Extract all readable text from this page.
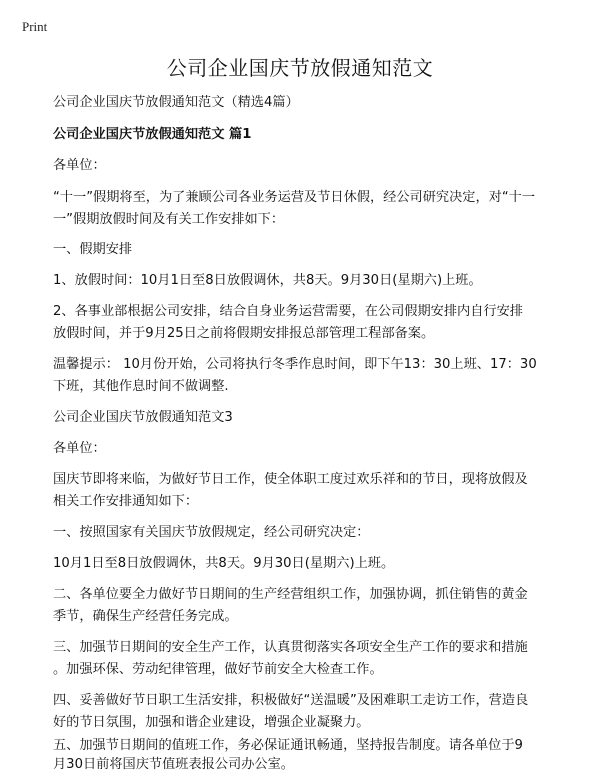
Print
公司企业国庆节放假通知范文

公司企业国庆节放假通知范文（精选4篇）

公司企业国庆节放假通知范文 篇1

各单位：

“十一”假期将至，为了兼顾公司各业务运营及节日休假，经公司研究决定，对“十一

一”假期放假时间及有关工作安排如下：

一、假期安排

1、放假时间：10月1日至8日放假调休，共8天。9月30日(星期六)上班。

2、各事业部根据公司安排，结合自身业务运营需要，在公司假期安排内自行安排

放假时间，并于9月25日之前将假期安排报总部管理工程部备案。

温馨提示： 10月份开始，公司将执行冬季作息时间，即下午13：30上班、17：30

下班，其他作息时间不做调整.

公司企业国庆节放假通知范文3

各单位：

国庆节即将来临，为做好节日工作，使全体职工度过欢乐祥和的节日，现将放假及

相关工作安排通知如下：

一、按照国家有关国庆节放假规定，经公司研究决定：

10月1日至8日放假调休，共8天。9月30日(星期六)上班。

二、各单位要全力做好节日期间的生产经营组织工作，加强协调，抓住销售的黄金

季节，确保生产经营任务完成。

三、加强节日期间的安全生产工作，认真贯彻落实各项安全生产工作的要求和措施

。加强环保、劳动纪律管理，做好节前安全大检查工作。

四、妥善做好节日职工生活安排，积极做好“送温暖”及困难职工走访工作，营造良

好的节日氛围，加强和谐企业建设，增强企业凝聚力。

五、加强节日期间的值班工作，务必保证通讯畅通，坚持报告制度。请各单位于9

月30日前将国庆节值班表报公司办公室。
